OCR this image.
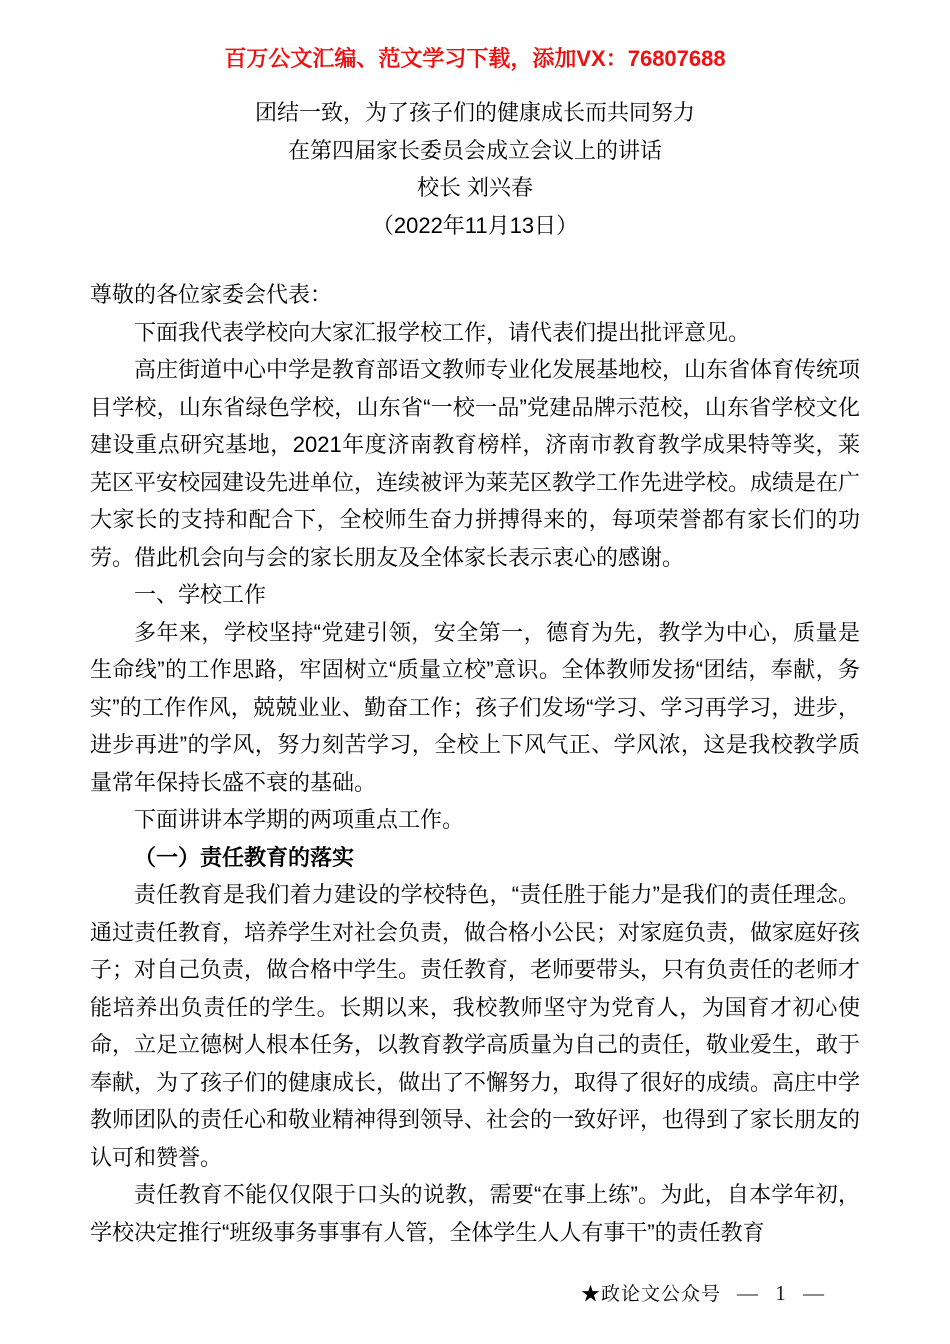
百万公文汇编、范文学习下载，添加VX：76807688
团结一致，为了孩子们的健康成长而共同努力
在第四届家长委员会成立会议上的讲话
校长 刘兴春
（2022年11月13日）

尊敬的各位家委会代表：

下面我代表学校向大家汇报学校工作，请代表们提出批评意见。

高庄街道中心中学是教育部语文教师专业化发展基地校，山东省体育传统项目学校，山东省绿色学校，山东省“一校一品”党建品牌示范校，山东省学校文化建设重点研究基地，2021年度济南教育榜样，济南市教育教学成果特等奖，莱芜区平安校园建设先进单位，连续被评为莱芜区教学工作先进学校。成绩是在广大家长的支持和配合下，全校师生奋力拼搏得来的，每项荣誉都有家长们的功劳。借此机会向与会的家长朋友及全体家长表示衷心的感谢。

一、学校工作

多年来，学校坚持“党建引领，安全第一，德育为先，教学为中心，质量是生命线”的工作思路，牢固树立“质量立校”意识。全体教师发扬“团结，奉献，务实”的工作作风，兢兢业业、勤奋工作；孩子们发场“学习、学习再学习，进步，进步再进”的学风，努力刻苦学习，全校上下风气正、学风浓，这是我校教学质量常年保持长盛不衰的基础。

下面讲讲本学期的两项重点工作。

（一）责任教育的落实

责任教育是我们着力建设的学校特色，“责任胜于能力”是我们的责任理念。通过责任教育，培养学生对社会负责，做合格小公民；对家庭负责，做家庭好孩子；对自己负责，做合格中学生。责任教育，老师要带头，只有负责任的老师才能培养出负责任的学生。长期以来，我校教师坚守为党育人，为国育才初心使命，立足立德树人根本任务，以教育教学高质量为自己的责任，敬业爱生，敢于奉献，为了孩子们的健康成长，做出了不懈努力，取得了很好的成绩。高庄中学教师团队的责任心和敬业精神得到领导、社会的一致好评，也得到了家长朋友的认可和赞誉。

责任教育不能仅仅限于口头的说教，需要“在事上练”。为此，自本学年初，学校决定推行“班级事务事事有人管，全体学生人人有事干”的责任教育

★政论文公众号 — 1 —
